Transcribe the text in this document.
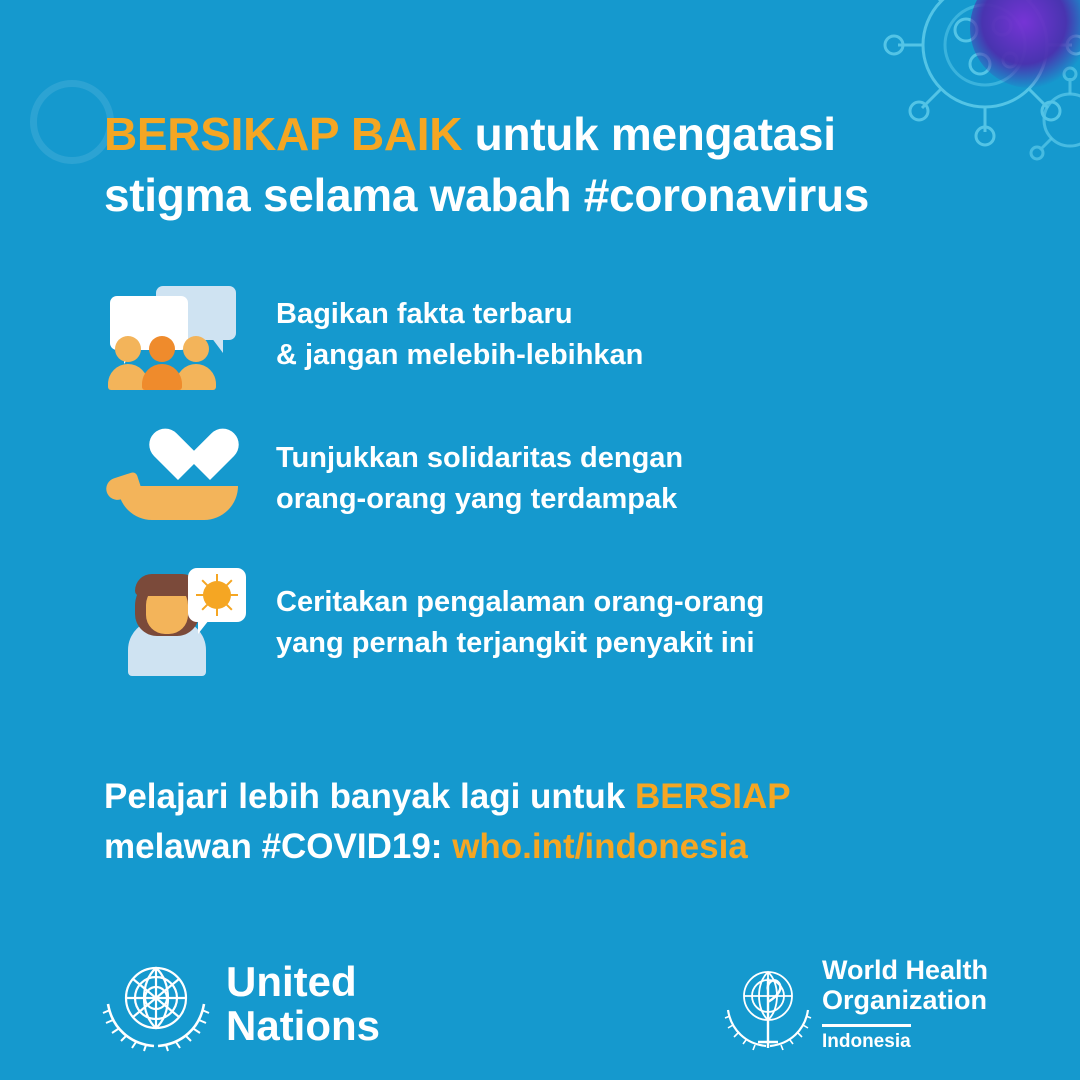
BERSIKAP BAIK untuk mengatasi
stigma selama wabah #coronavirus
Bagikan fakta terbaru
& jangan melebih-lebihkan
Tunjukkan solidaritas dengan
orang-orang yang terdampak
Ceritakan pengalaman orang-orang
yang pernah terjangkit penyakit ini
Pelajari lebih banyak lagi untuk BERSIAP
melawan #COVID19: who.int/indonesia
United
Nations
World Health
Organization
Indonesia
